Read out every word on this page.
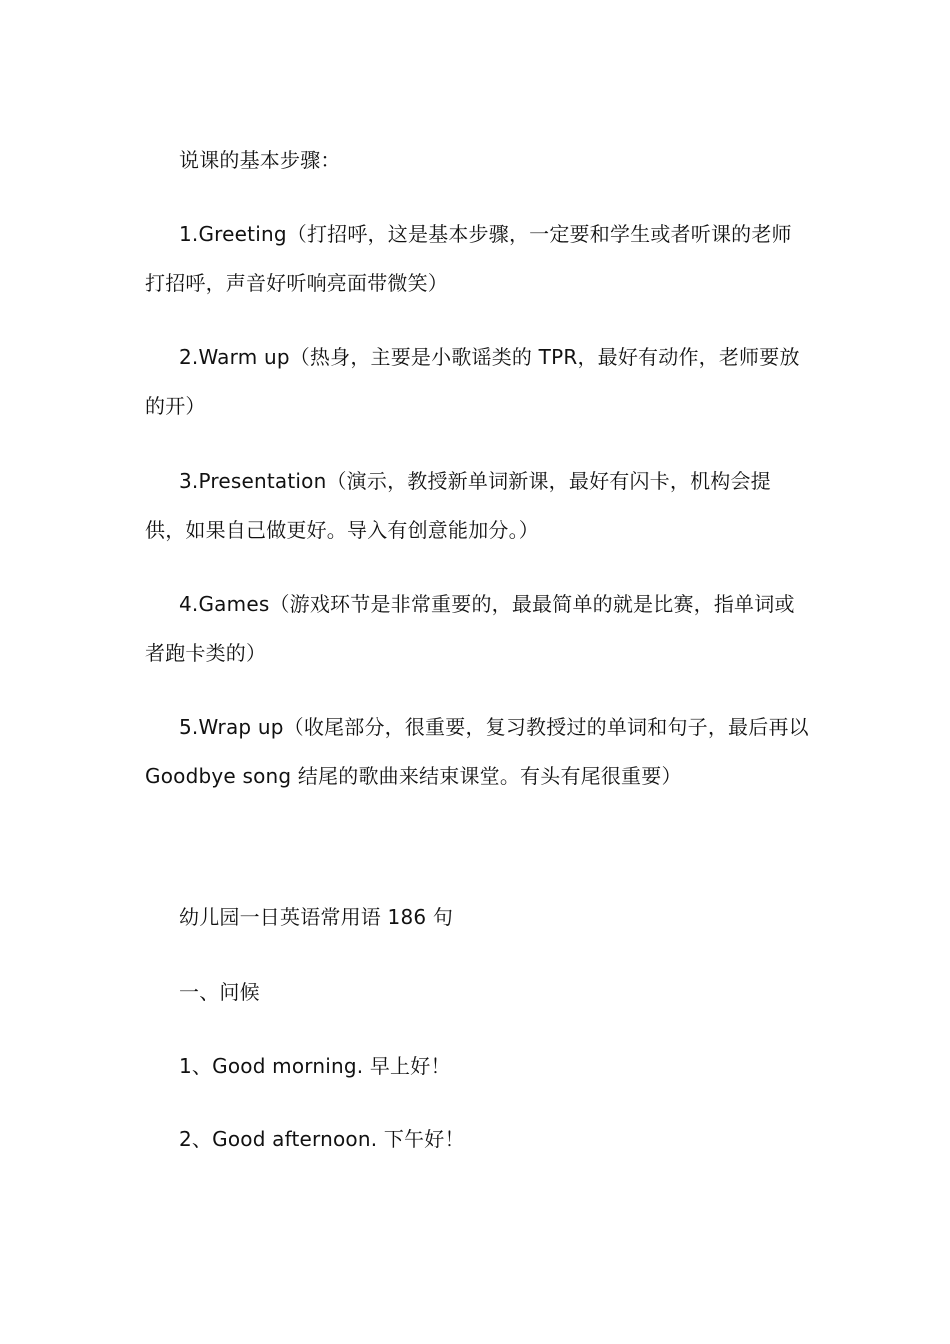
说课的基本步骤：

1.Greeting（打招呼，这是基本步骤，一定要和学生或者听课的老师打招呼，声音好听响亮面带微笑）

2.Warm up（热身，主要是小歌谣类的 TPR，最好有动作，老师要放的开）

3.Presentation（演示，教授新单词新课，最好有闪卡，机构会提供，如果自己做更好。导入有创意能加分。）

4.Games（游戏环节是非常重要的，最最简单的就是比赛，指单词或者跑卡类的）

5.Wrap up（收尾部分，很重要，复习教授过的单词和句子，最后再以 Goodbye song 结尾的歌曲来结束课堂。有头有尾很重要）

幼儿园一日英语常用语 186 句

一、问候

1、Good morning. 早上好！

2、Good afternoon. 下午好！
